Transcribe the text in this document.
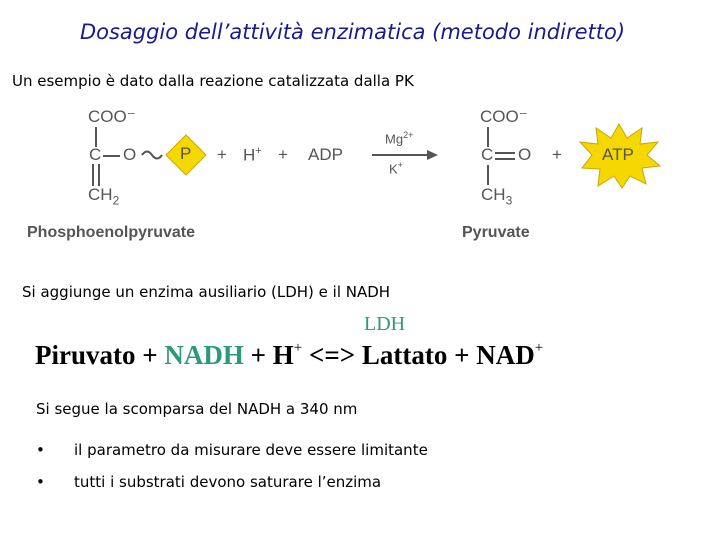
Dosaggio dell’attività enzimatica (metodo indiretto)
Un esempio è dato dalla reazione catalizzata dalla PK
COO⁻
C O	P
$CH_2$
Phosphoenolpyruvate
+ H+ + ADP
$Mg^{2+}$
K+
COO⁻
C O
$CH_3$
Pyruvate
+ ATP
Si aggiunge un enzima ausiliario (LDH) e il NADH
LDH
Piruvato + NADH + H+ <=> Lattato + NAD+
Si segue la scomparsa del NADH a 340 nm
• il parametro da misurare deve essere limitante
• tutti i substrati devono saturare l’enzima
